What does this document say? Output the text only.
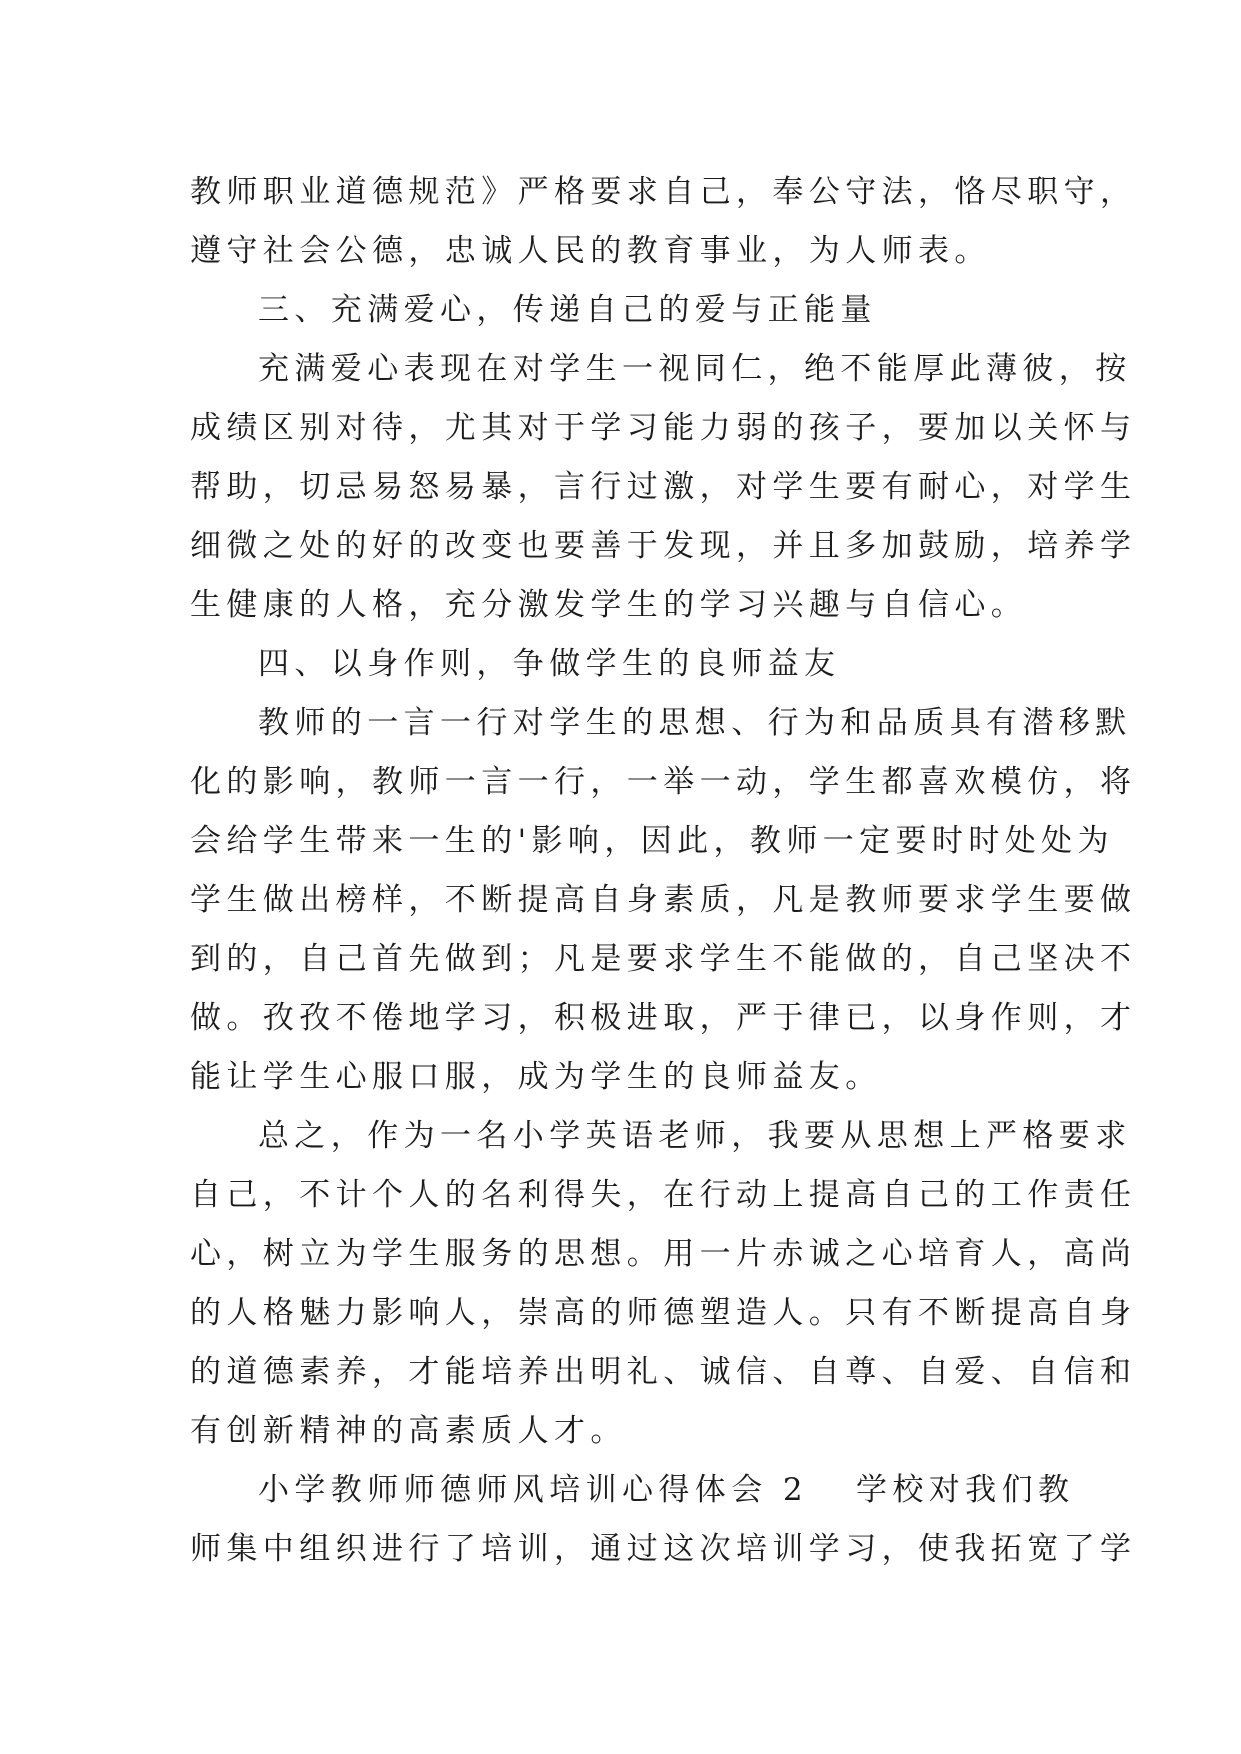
教师职业道德规范》严格要求自己，奉公守法，恪尽职守，
遵守社会公德，忠诚人民的教育事业，为人师表。
三、充满爱心，传递自己的爱与正能量
充满爱心表现在对学生一视同仁，绝不能厚此薄彼，按
成绩区别对待，尤其对于学习能力弱的孩子，要加以关怀与
帮助，切忌易怒易暴，言行过激，对学生要有耐心，对学生
细微之处的好的改变也要善于发现，并且多加鼓励，培养学
生健康的人格，充分激发学生的学习兴趣与自信心。
四、以身作则，争做学生的良师益友
教师的一言一行对学生的思想、行为和品质具有潜移默
化的影响，教师一言一行，一举一动，学生都喜欢模仿，将
会给学生带来一生的'影响，因此，教师一定要时时处处为
学生做出榜样，不断提高自身素质，凡是教师要求学生要做
到的，自己首先做到；凡是要求学生不能做的，自己坚决不
做。孜孜不倦地学习，积极进取，严于律已，以身作则，才
能让学生心服口服，成为学生的良师益友。
总之，作为一名小学英语老师，我要从思想上严格要求
自己，不计个人的名利得失，在行动上提高自己的工作责任
心，树立为学生服务的思想。用一片赤诚之心培育人，高尚
的人格魅力影响人，崇高的师德塑造人。只有不断提高自身
的道德素养，才能培养出明礼、诚信、自尊、自爱、自信和
有创新精神的高素质人才。
小学教师师德师风培训心得体会 2 学校对我们教
师集中组织进行了培训，通过这次培训学习，使我拓宽了学
